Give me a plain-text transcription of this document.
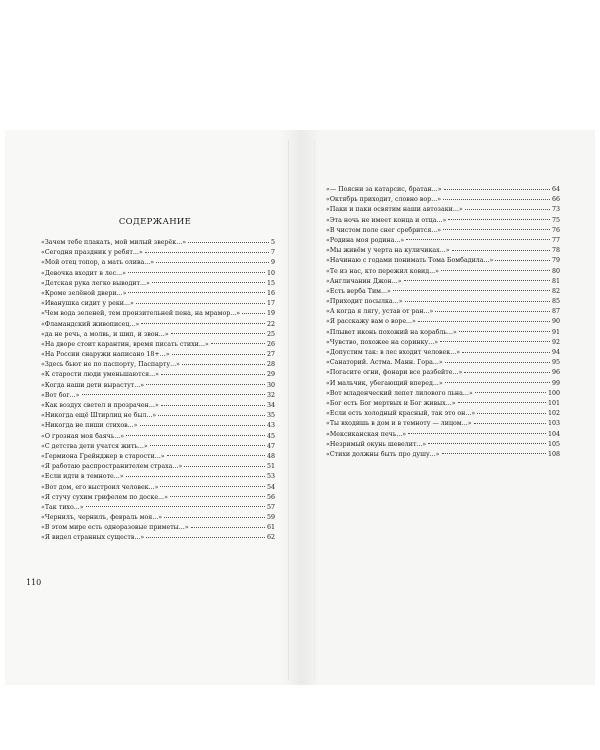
СОДЕРЖАНИЕ
«Зачем тебе плакать, мой милый зверёк...»	5
«Сегодня праздник у ребят...»	7
«Мой отец топор, а мать олива...»	9
«Девочка входит в лес...»	10
«Детская рука легко выводит...»	15
«Кроме зелёной двери...»	16
«Иванушка сидит у реки...»	17
«Чем вода зеленей, тем пронзительней пена, на мрамор...»	19
«Фламандский живописец...»	22
«да не речь, а молвь, и шип, и звон...»	25
«На дворе стоит карантин, время писать стихи...»	26
«На России снаружи написано 18+...»	27
«Здесь бьют не по паспорту, Паспарту...»	28
«К старости люди уменьшаются...»	29
«Когда наши дети вырастут...»	30
«Вот бог...»	32
«Как воздух светел и прозрачен...»	34
«Никогда ещё Штирлиц не был...»	35
«Никогда не пиши стихов...»	43
«О грозная моя баячь...»	45
«С детства дети учатся жить...»	47
«Гермиона Грейнджер в старости...»	48
«Я работаю распространителем страха...»	51
«Если идти в темноте...»	53
«Вот дом, его выстроил человек...»	54
«Я стучу сухим грифелем по доске...»	56
«Так тихо...»	57
«Чернилъ, чернилъ, февраль моя...»	59
«В этом мире есть одноразовые приметы...»	61
«Я видел странных существ...»	62
«— Поясни за катарсис, братан...»	64
«Октябрь приходит, словно вор...»	66
«Паки и паки освятим наши автозаки...»	73
«Эта ночь не имеет конца и отца...»	75
«В чистом поле снег сребрится...»	76
«Родина моя родина...»	77
«Мы живём у черта на куличиках...»	78
«Начинаю с годами понимать Тома Бомбадила...»	79
«Те из нас, кто пережил ковид...»	80
«Англичанин Джон...»	81
«Есть верба Тим...»	82
«Приходит посылка...»	85
«А когда я лягу, устав от ран...»	87
«Я расскажу вам о воре...»	90
«Плывет иконь похожий на корабль...»	91
«Чувство, похожее на соринку...»	92
«Допустим так: в лес входит человек...»	94
«Санаторий. Астма. Манн. Гора...»	95
«Погасите огни, фонари все разбейте...»	96
«И мальчик, убегающий вперед...»	99
«Вот младенческий лепет лилового льна...»	100
«Бог есть Бог мертвых и Бог живых...»	101
«Если есть холодный красный, так это он...»	102
«Ты входишь в дом и в темноту — лицом...»	103
«Мексиканская печь...»	104
«Незримый окунь шевелит...»	105
«Стихи должны быть про душу...»	108
110
